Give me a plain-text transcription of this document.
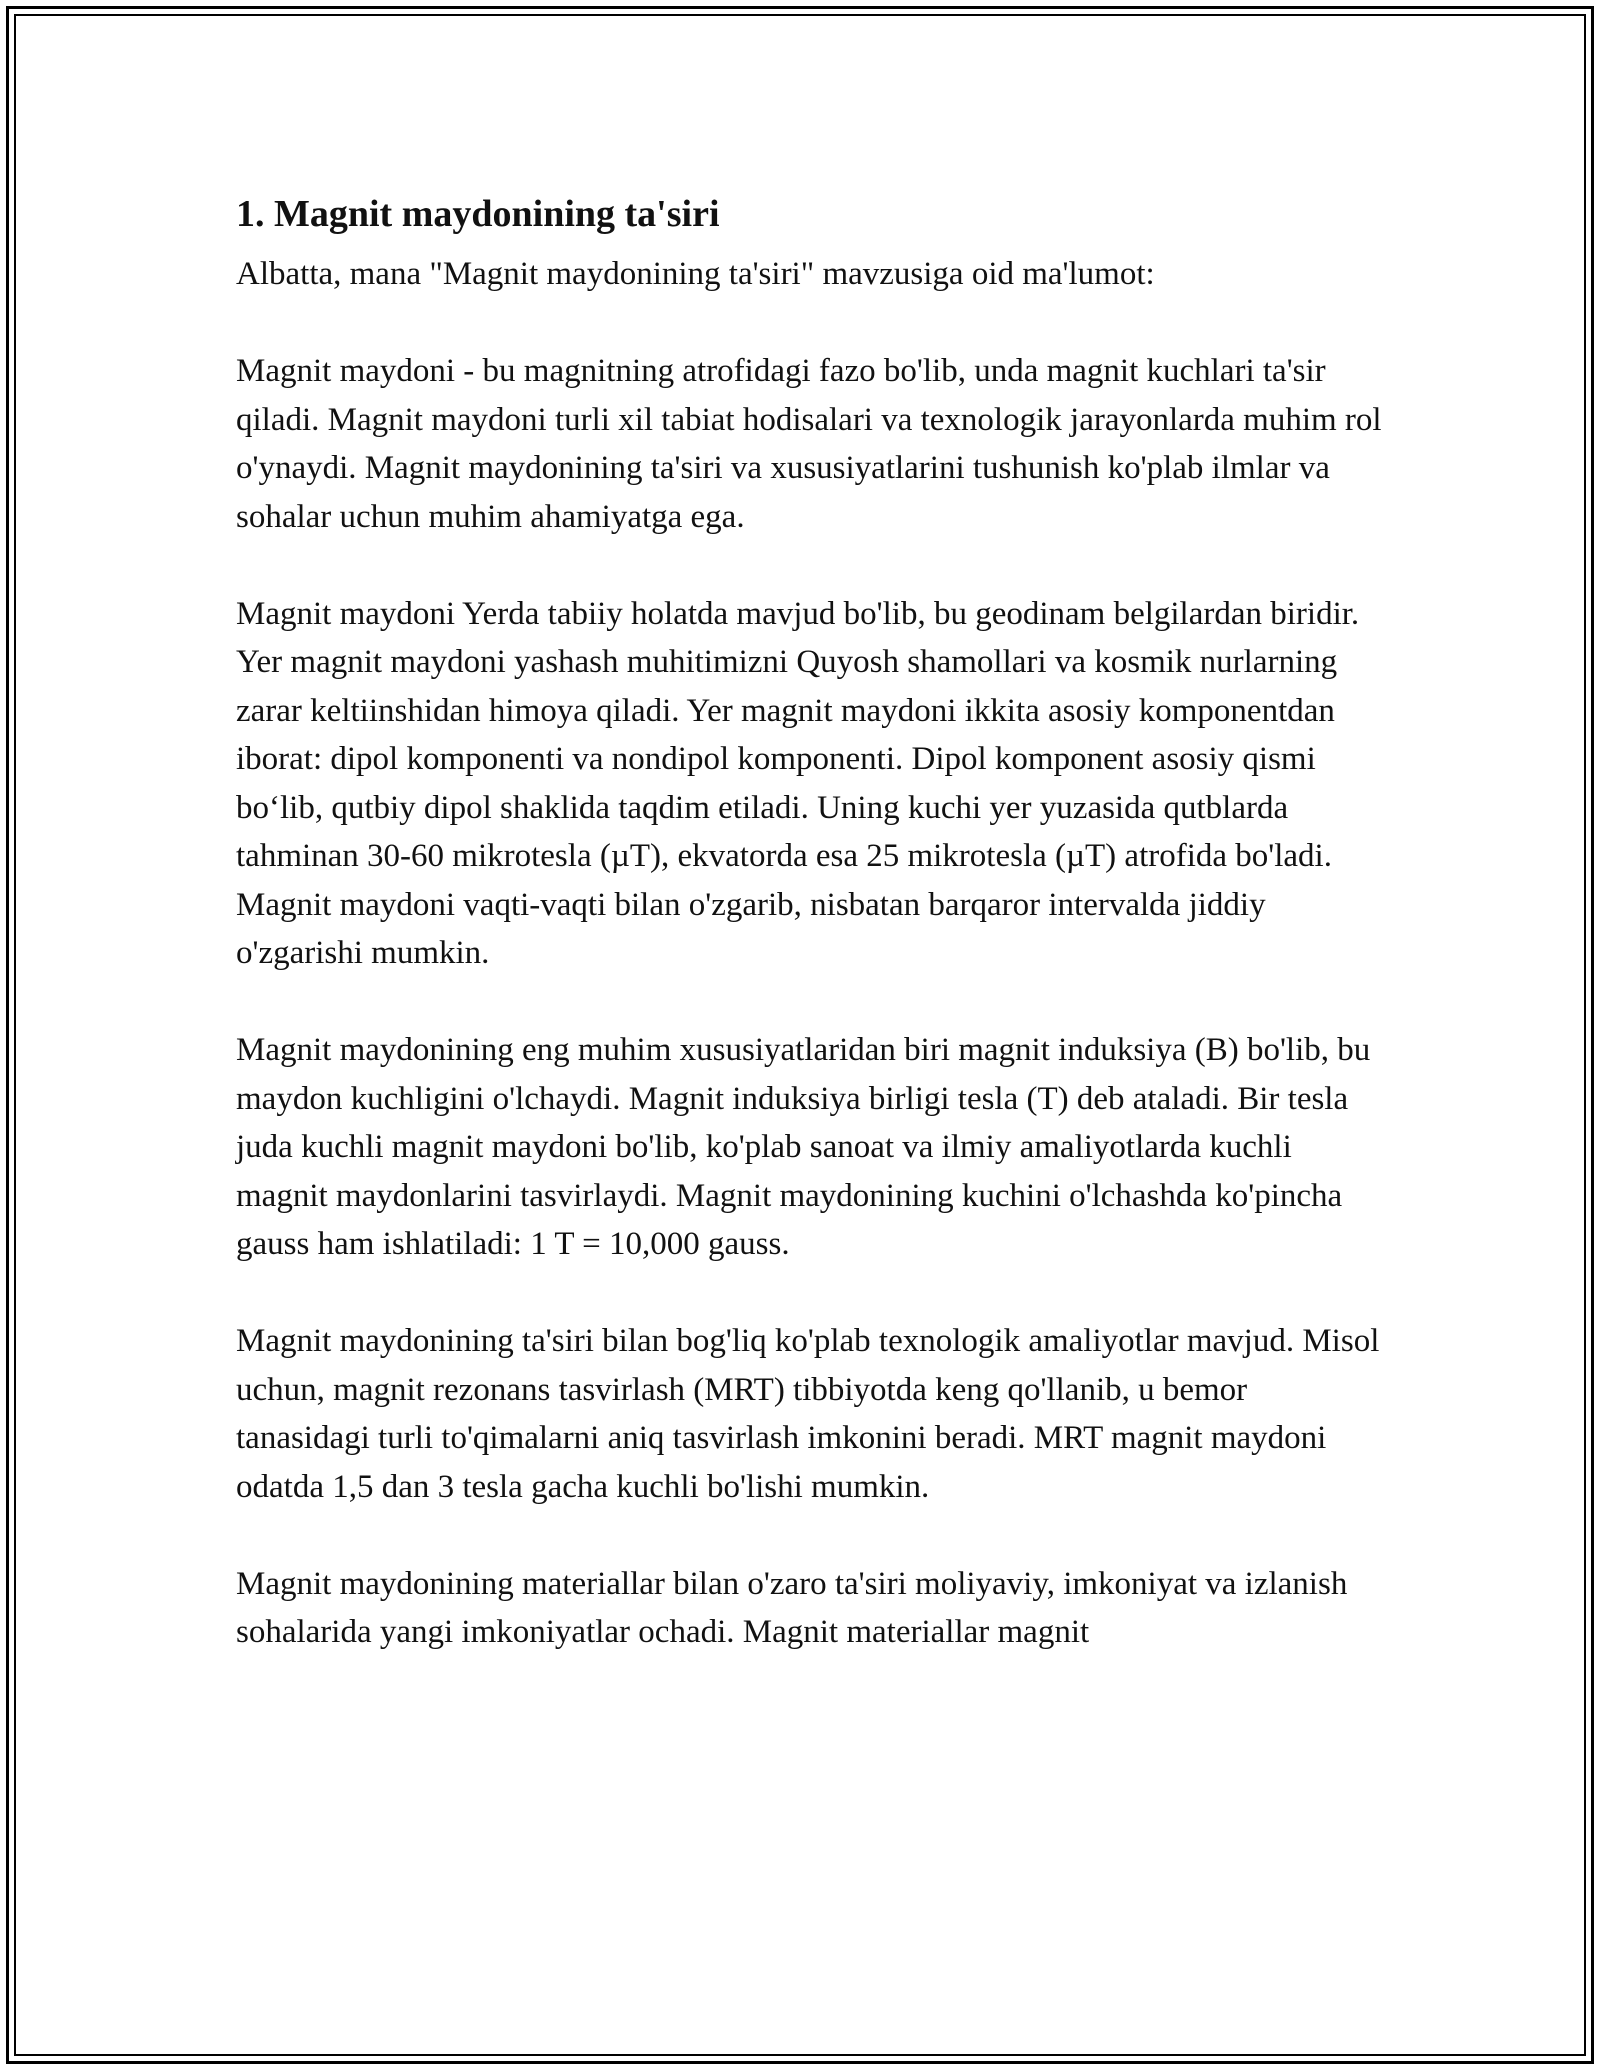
1. Magnit maydonining ta'siri

Albatta, mana "Magnit maydonining ta'siri" mavzusiga oid ma'lumot:

Magnit maydoni - bu magnitning atrofidagi fazo bo'lib, unda magnit kuchlari ta'sir qiladi. Magnit maydoni turli xil tabiat hodisalari va texnologik jarayonlarda muhim rol o'ynaydi. Magnit maydonining ta'siri va xususiyatlarini tushunish ko'plab ilmlar va sohalar uchun muhim ahamiyatga ega.

Magnit maydoni Yerda tabiiy holatda mavjud bo'lib, bu geodinam belgilardan biridir. Yer magnit maydoni yashash muhitimizni Quyosh shamollari va kosmik nurlarning zarar keltiinshidan himoya qiladi. Yer magnit maydoni ikkita asosiy komponentdan iborat: dipol komponenti va nondipol komponenti. Dipol komponent asosiy qismi bo‘lib, qutbiy dipol shaklida taqdim etiladi. Uning kuchi yer yuzasida qutblarda tahminan 30-60 mikrotesla (µT), ekvatorda esa 25 mikrotesla (µT) atrofida bo'ladi. Magnit maydoni vaqti-vaqti bilan o'zgarib, nisbatan barqaror intervalda jiddiy o'zgarishi mumkin.

Magnit maydonining eng muhim xususiyatlaridan biri magnit induksiya (B) bo'lib, bu maydon kuchligini o'lchaydi. Magnit induksiya birligi tesla (T) deb ataladi. Bir tesla juda kuchli magnit maydoni bo'lib, ko'plab sanoat va ilmiy amaliyotlarda kuchli magnit maydonlarini tasvirlaydi. Magnit maydonining kuchini o'lchashda ko'pincha gauss ham ishlatiladi: 1 T = 10,000 gauss.

Magnit maydonining ta'siri bilan bog'liq ko'plab texnologik amaliyotlar mavjud. Misol uchun, magnit rezonans tasvirlash (MRT) tibbiyotda keng qo'llanib, u bemor tanasidagi turli to'qimalarni aniq tasvirlash imkonini beradi. MRT magnit maydoni odatda 1,5 dan 3 tesla gacha kuchli bo'lishi mumkin.

Magnit maydonining materiallar bilan o'zaro ta'siri moliyaviy, imkoniyat va izlanish sohalarida yangi imkoniyatlar ochadi. Magnit materiallar magnit
